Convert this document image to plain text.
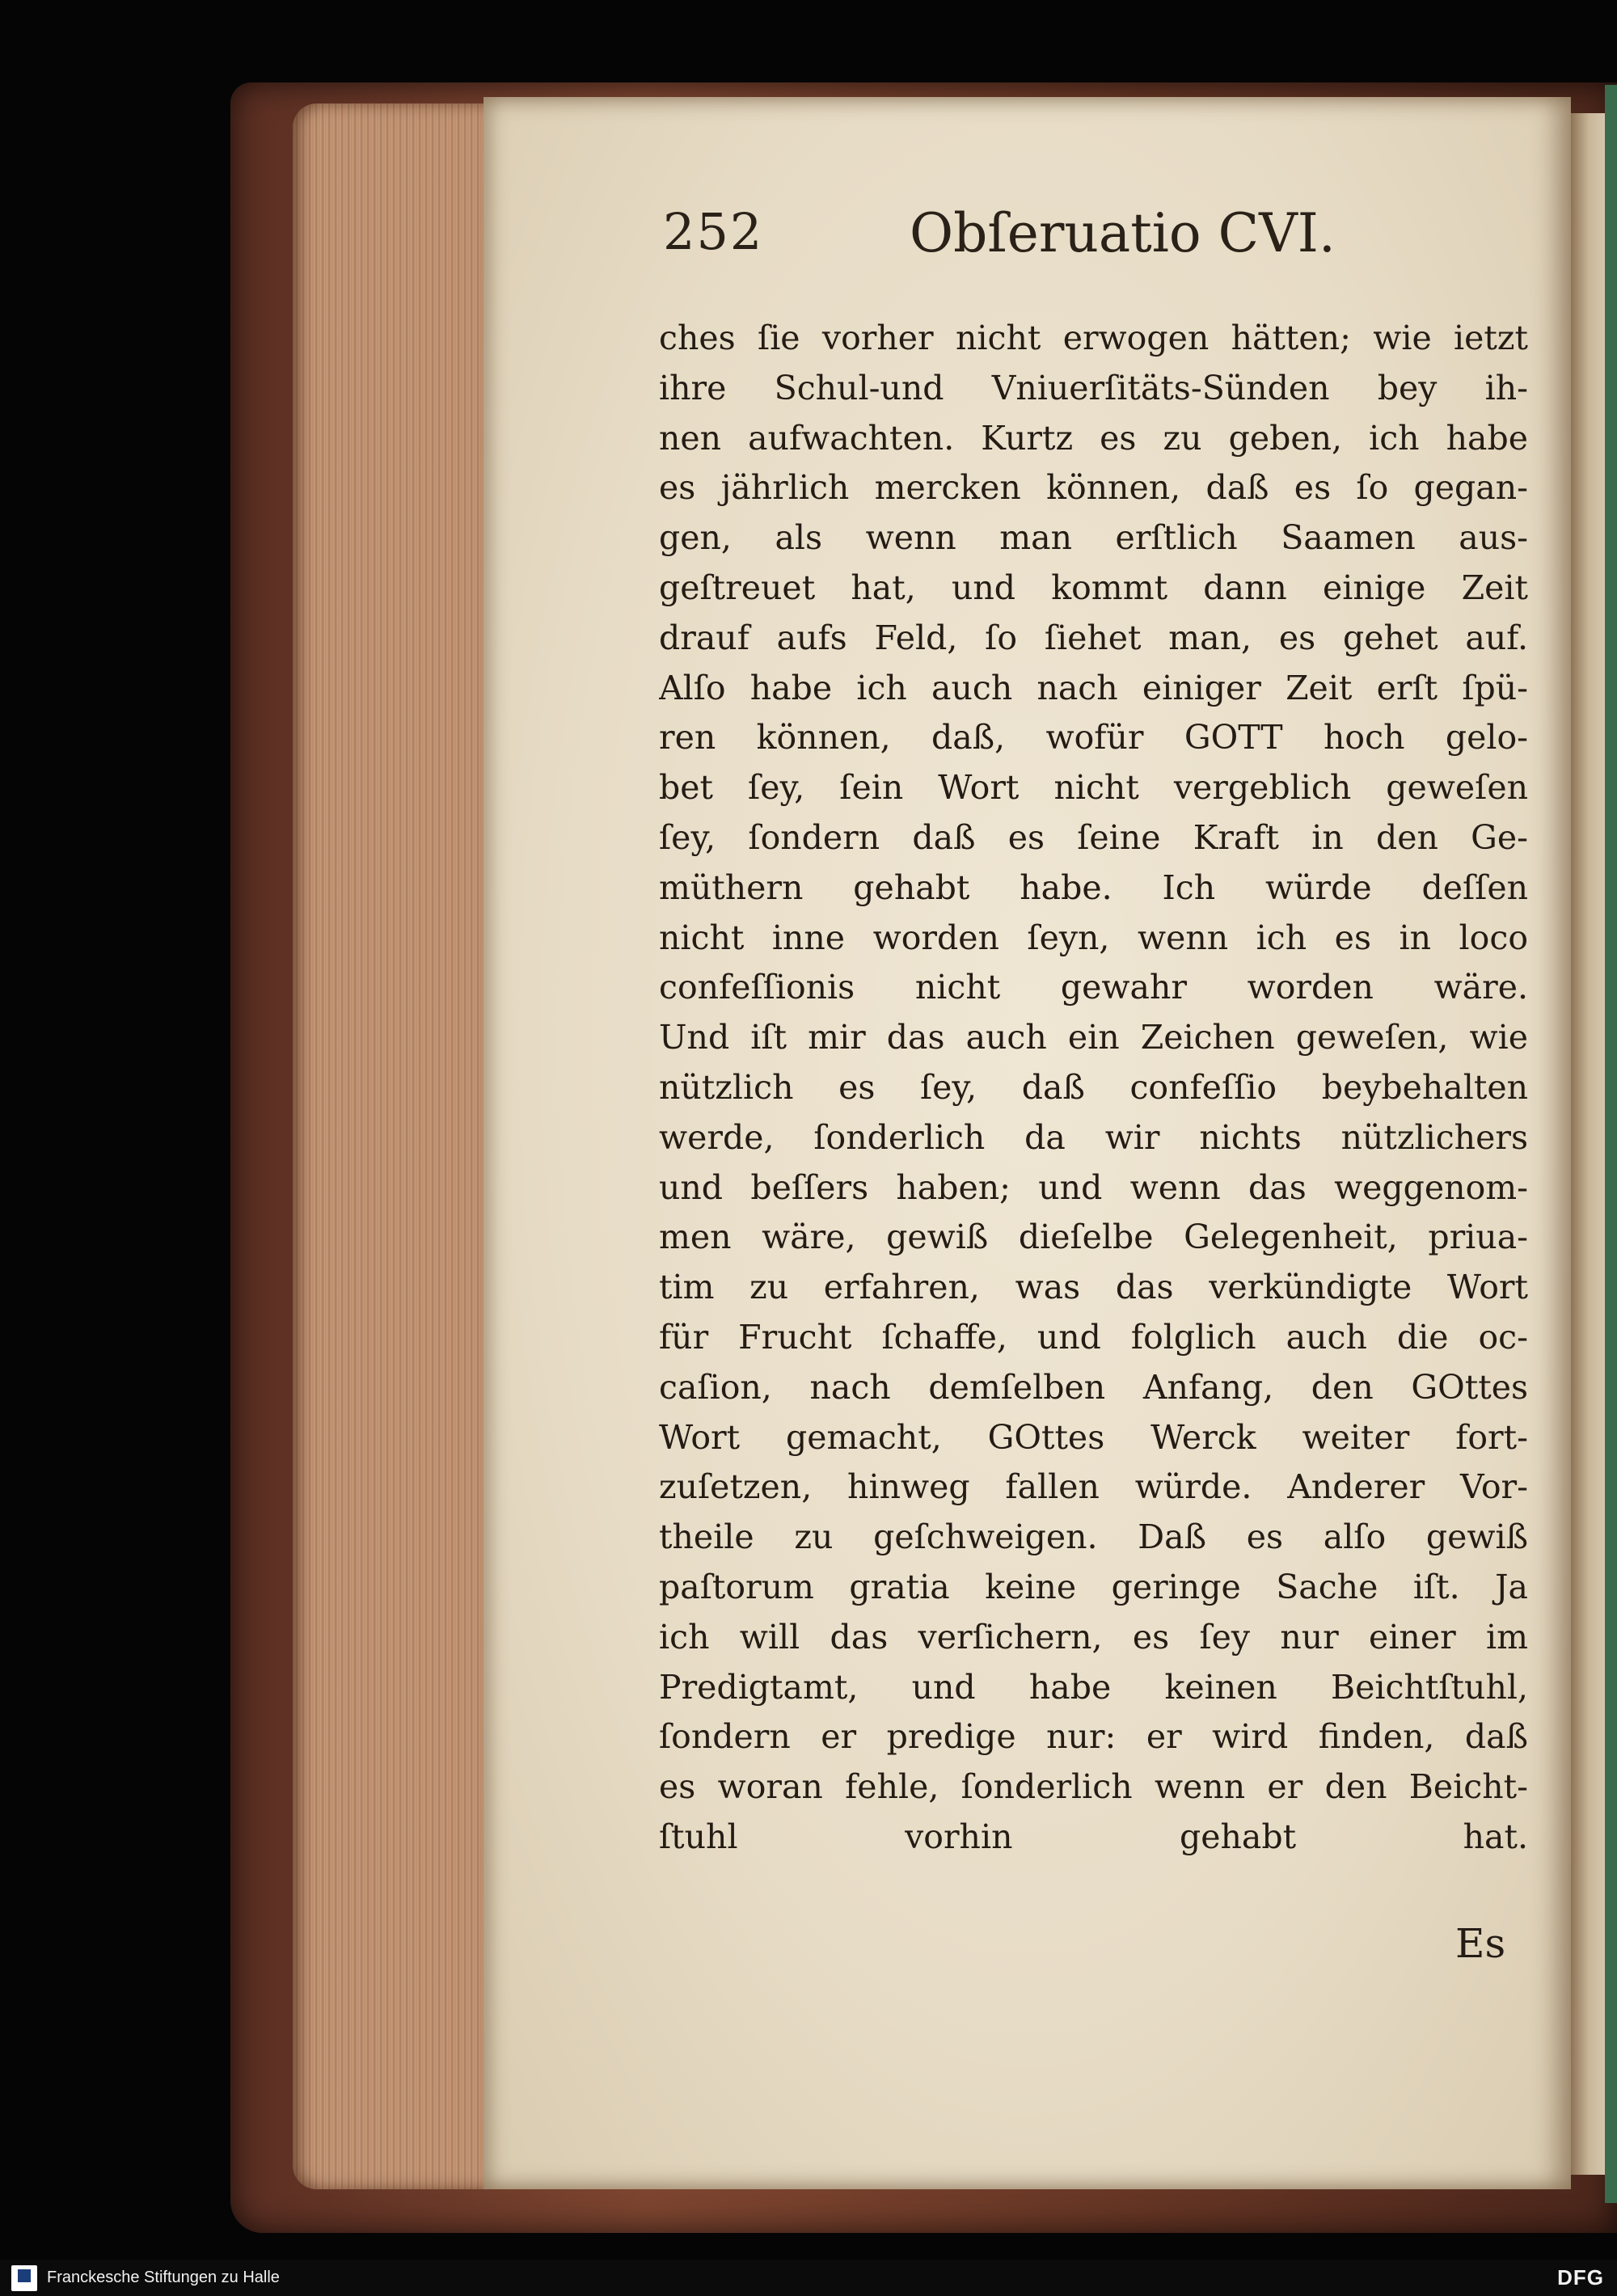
252	Obſeruatio CVI.
ches ſie vorher nicht erwogen hätten; wie ietzt
ihre Schul-und Vniuerſitäts-Sünden bey ih-
nen aufwachten. Kurtz es zu geben, ich habe
es jährlich mercken können, daß es ſo gegan-
gen, als wenn man erſtlich Saamen aus-
geſtreuet hat, und kommt dann einige Zeit
drauf aufs Feld, ſo ſiehet man, es gehet auf.
Alſo habe ich auch nach einiger Zeit erſt ſpü-
ren können, daß, wofür GOTT hoch gelo-
bet ſey, ſein Wort nicht vergeblich geweſen
ſey, ſondern daß es ſeine Kraft in den Ge-
müthern gehabt habe. Ich würde deſſen
nicht inne worden ſeyn, wenn ich es in loco
confeſſionis nicht gewahr worden wäre.
Und iſt mir das auch ein Zeichen geweſen, wie
nützlich es ſey, daß confeſſio beybehalten
werde, ſonderlich da wir nichts nützlichers
und beſſers haben; und wenn das weggenom-
men wäre, gewiß dieſelbe Gelegenheit, priua-
tim zu erfahren, was das verkündigte Wort
für Frucht ſchaffe, und folglich auch die oc-
caſion, nach demſelben Anfang, den GOttes
Wort gemacht, GOttes Werck weiter fort-
zuſetzen, hinweg fallen würde. Anderer Vor-
theile zu geſchweigen. Daß es alſo gewiß
paſtorum gratia keine geringe Sache iſt. Ja
ich will das verſichern, es ſey nur einer im
Predigtamt, und habe keinen Beichtſtuhl,
ſondern er predige nur: er wird finden, daß
es woran fehle, ſonderlich wenn er den Beicht-
ſtuhl vorhin gehabt hat.
Es
Franckesche Stiftungen zu Halle	DFG
